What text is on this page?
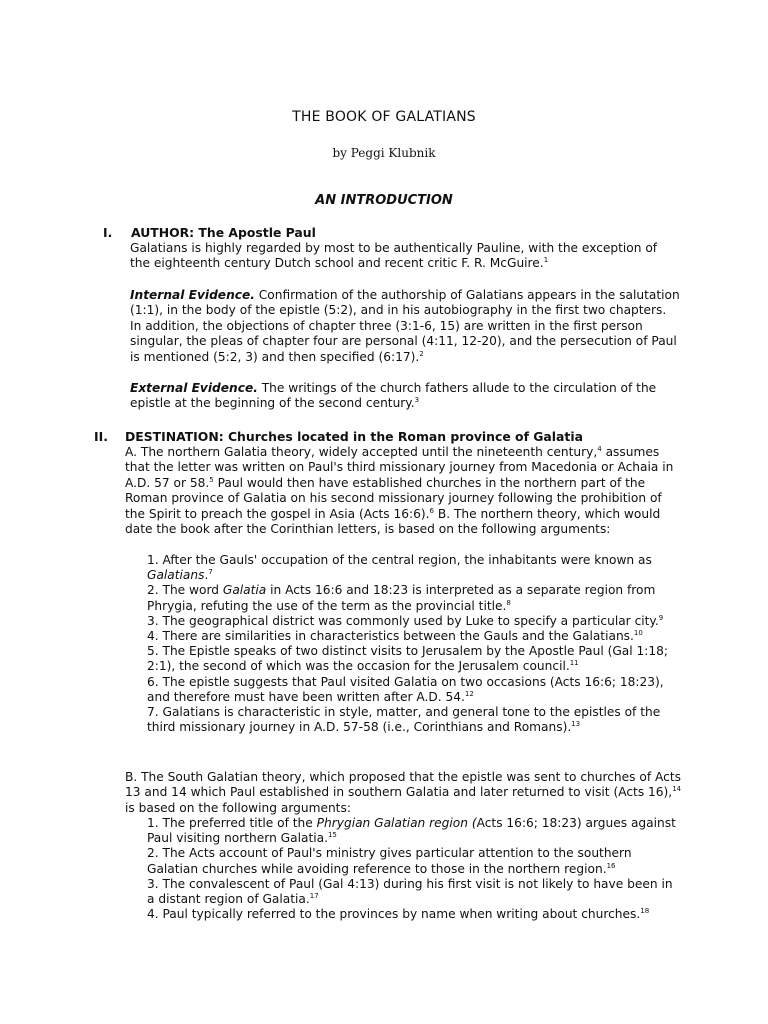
THE BOOK OF GALATIANS
by Peggi Klubnik
AN INTRODUCTION
I. AUTHOR: The Apostle Paul

Galatians is highly regarded by most to be authentically Pauline, with the exception of the eighteenth century Dutch school and recent critic F. R. McGuire.$^1$

Internal Evidence. Confirmation of the authorship of Galatians appears in the salutation (1:1), in the body of the epistle (5:2), and in his autobiography in the first two chapters. In addition, the objections of chapter three (3:1-6, 15) are written in the first person singular, the pleas of chapter four are personal (4:11, 12-20), and the persecution of Paul is mentioned (5:2, 3) and then specified (6:17).$^2$

External Evidence. The writings of the church fathers allude to the circulation of the epistle at the beginning of the second century.$^3$

II. DESTINATION: Churches located in the Roman province of Galatia

A. The northern Galatia theory, widely accepted until the nineteenth century,$^4$ assumes that the letter was written on Paul's third missionary journey from Macedonia or Achaia in A.D. 57 or 58.$^5$ Paul would then have established churches in the northern part of the Roman province of Galatia on his second missionary journey following the prohibition of the Spirit to preach the gospel in Asia (Acts 16:6).$^6$ B. The northern theory, which would date the book after the Corinthian letters, is based on the following arguments:

1. After the Gauls' occupation of the central region, the inhabitants were known as Galatians.$^7$

2. The word Galatia in Acts 16:6 and 18:23 is interpreted as a separate region from Phrygia, refuting the use of the term as the provincial title.$^8$

3. The geographical district was commonly used by Luke to specify a particular city.$^9$

4. There are similarities in characteristics between the Gauls and the Galatians.$^{10}$

5. The Epistle speaks of two distinct visits to Jerusalem by the Apostle Paul (Gal 1:18; 2:1), the second of which was the occasion for the Jerusalem council.$^{11}$

6. The epistle suggests that Paul visited Galatia on two occasions (Acts 16:6; 18:23), and therefore must have been written after A.D. 54.12

7. Galatians is characteristic in style, matter, and general tone to the epistles of the third missionary journey in A.D. 57-58 (i.e., Corinthians and Romans).$^{13}$

B. The South Galatian theory, which proposed that the epistle was sent to churches of Acts 13 and 14 which Paul established in southern Galatia and later returned to visit (Acts 16),$^{14}$ is based on the following arguments:

1. The preferred title of the Phrygian Galatian region (Acts 16:6; 18:23) argues against Paul visiting northern Galatia.$^{15}$

2. The Acts account of Paul's ministry gives particular attention to the southern Galatian churches while avoiding reference to those in the northern region.$^{16}$

3. The convalescent of Paul (Gal 4:13) during his first visit is not likely to have been in a distant region of Galatia.$^{17}$

4. Paul typically referred to the provinces by name when writing about churches.$^{18}$
